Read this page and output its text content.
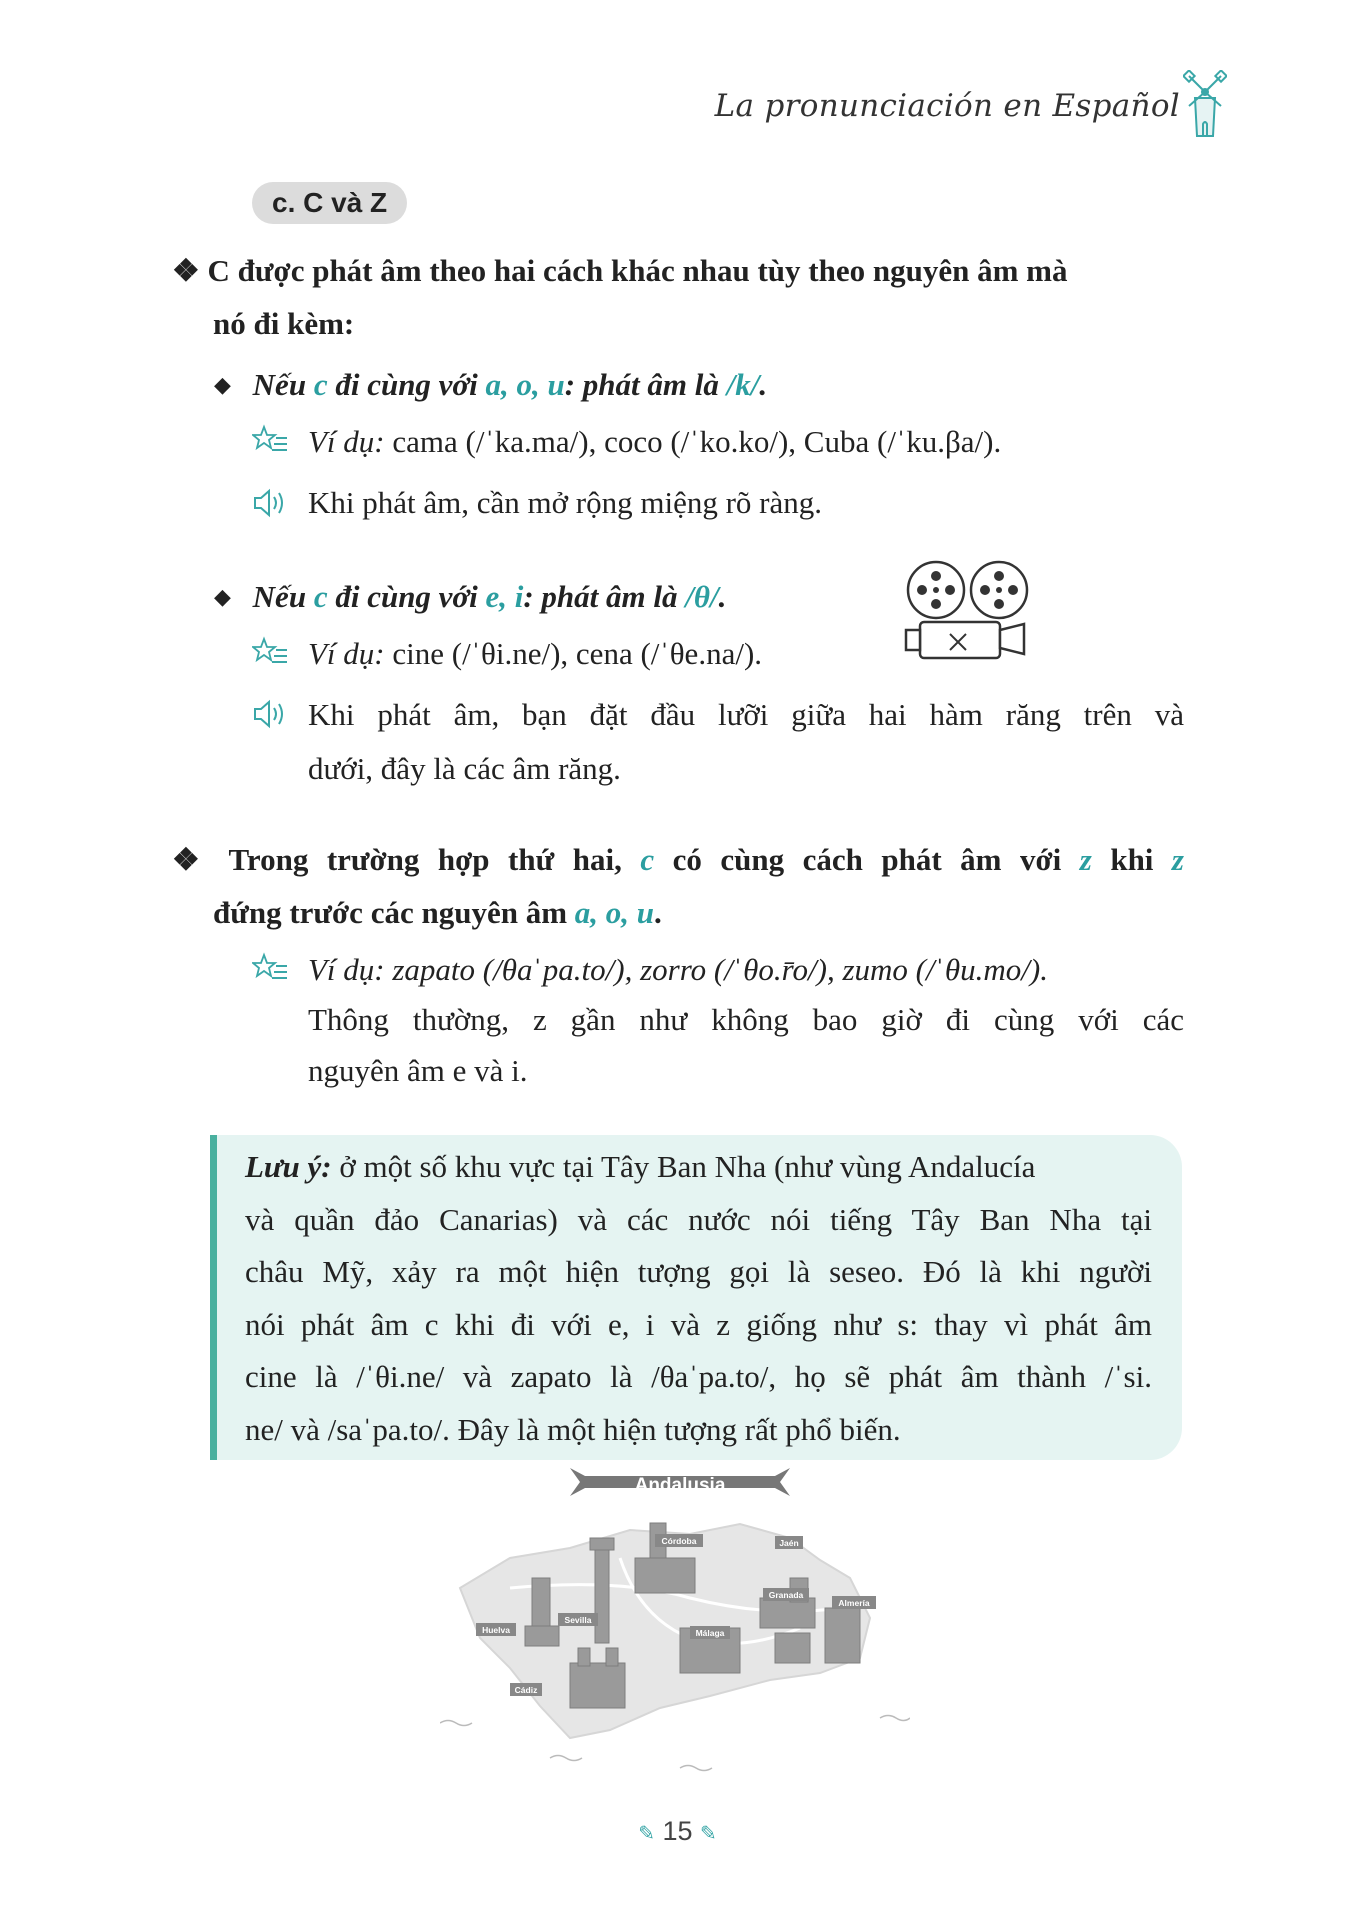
La pronunciación en Español
c. C và Z
❖ C được phát âm theo hai cách khác nhau tùy theo nguyên âm mà
nó đi kèm:
◆ Nếu c đi cùng với a, o, u: phát âm là /k/.
Ví dụ: cama (/ˈka.ma/), coco (/ˈko.ko/), Cuba (/ˈku.βa/).
Khi phát âm, cần mở rộng miệng rõ ràng.
◆ Nếu c đi cùng với e, i: phát âm là /θ/.
Ví dụ: cine (/ˈθi.ne/), cena (/ˈθe.na/).
Khi phát âm, bạn đặt đầu lưỡi giữa hai hàm răng trên và
dưới, đây là các âm răng.
❖ Trong trường hợp thứ hai, c có cùng cách phát âm với z khi z
đứng trước các nguyên âm a, o, u.
Ví dụ: zapato (/θaˈpa.to/), zorro (/ˈθo.r̄o/), zumo (/ˈθu.mo/).
Thông thường, z gần như không bao giờ đi cùng với các
nguyên âm e và i.

Lưu ý: ở một số khu vực tại Tây Ban Nha (như vùng Andalucía

và quần đảo Canarias) và các nước nói tiếng Tây Ban Nha tại

châu Mỹ, xảy ra một hiện tượng gọi là seseo. Đó là khi người

nói phát âm c khi đi với e, i và z giống như s: thay vì phát âm

cine là /ˈθi.ne/ và zapato là /θaˈpa.to/, họ sẽ phát âm thành /ˈsi.

ne/ và /saˈpa.to/. Đây là một hiện tượng rất phổ biến.

Andalusia
Córdoba	Jaén
Sevilla
Huelva	Málaga
Granada
Almería
Cádiz
✎ 15 ✎
